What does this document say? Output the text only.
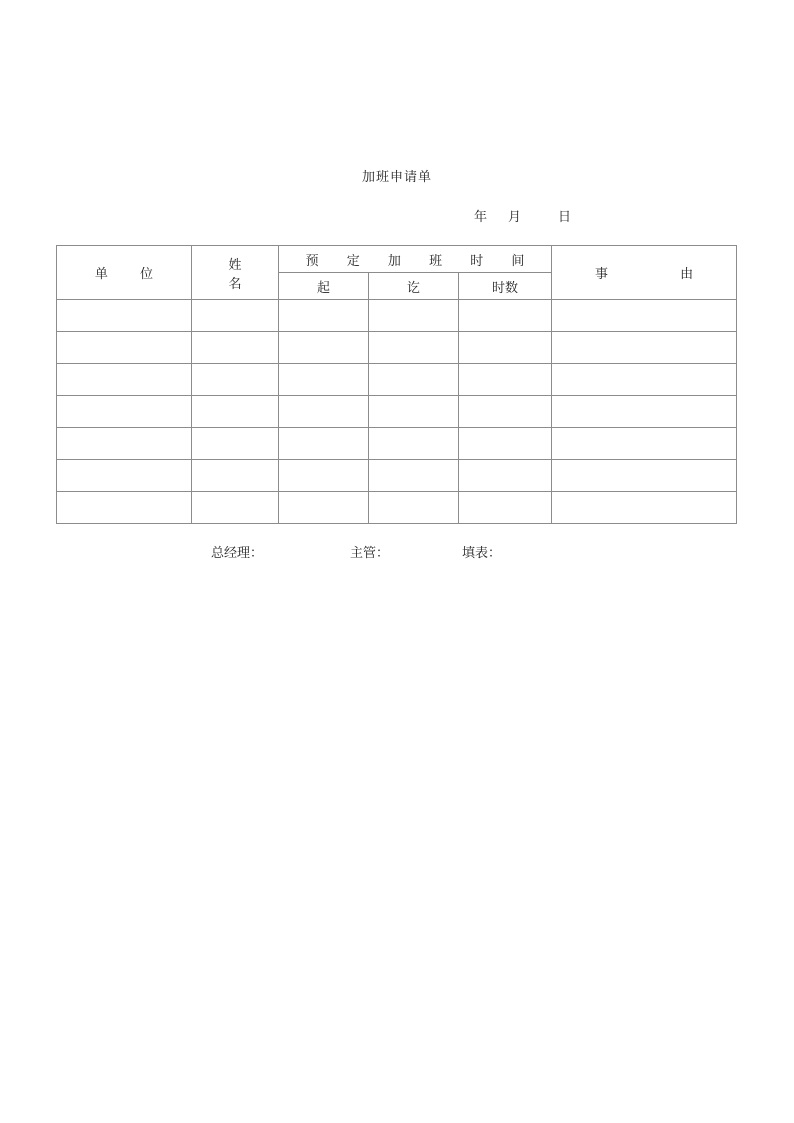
加班申请单
年 月	日
单 位	姓 名	预 定 加 班 时 间			事 由
		起	讫	时数	

总经理：	主管：	填表：
